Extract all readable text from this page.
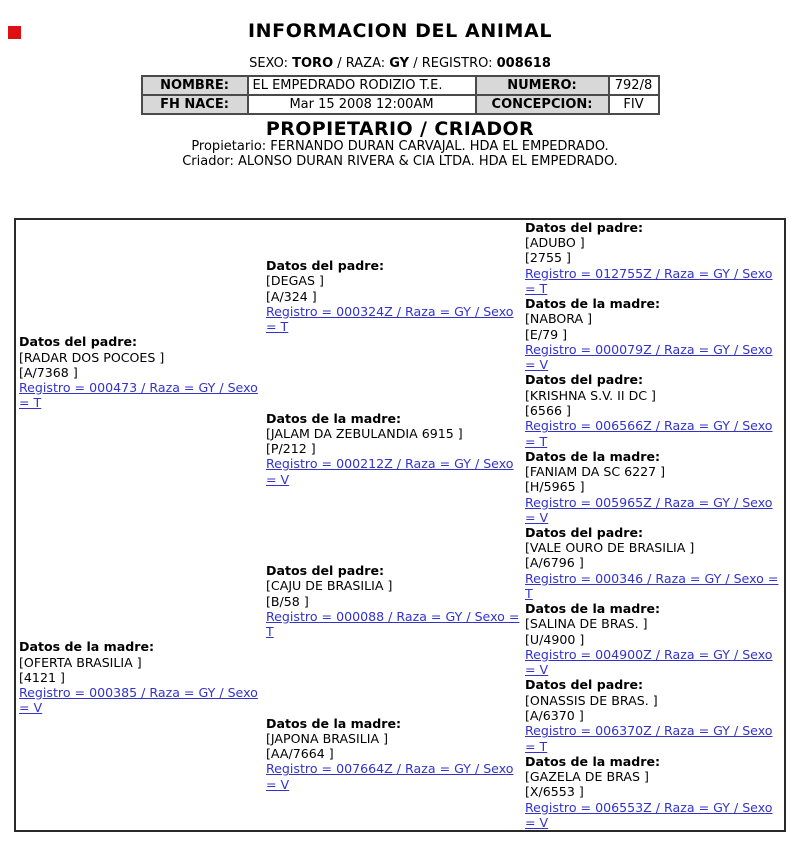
INFORMACION DEL ANIMAL
SEXO: TORO / RAZA: GY / REGISTRO: 008618
NOMBRE:	EL EMPEDRADO RODIZIO T.E.	NUMERO:	792/8
FH NACE:	Mar 15 2008 12:00AM	CONCEPCION:	FIV
PROPIETARIO / CRIADOR
Propietario: FERNANDO DURAN CARVAJAL. HDA EL EMPEDRADO.
Criador: ALONSO DURAN RIVERA & CIA LTDA. HDA EL EMPEDRADO.
Datos del padre:
[RADAR DOS POCOES ]
[A/7368 ]
Registro = 000473 / Raza = GY / Sexo = T
Datos de la madre:
[OFERTA BRASILIA ]
[4121 ]
Registro = 000385 / Raza = GY / Sexo = V
Datos del padre:
[DEGAS ]
[A/324 ]
Registro = 000324Z / Raza = GY / Sexo = T
Datos de la madre:
[JALAM DA ZEBULANDIA 6915 ]
[P/212 ]
Registro = 000212Z / Raza = GY / Sexo = V
Datos del padre:
[CAJU DE BRASILIA ]
[B/58 ]
Registro = 000088 / Raza = GY / Sexo = T
Datos de la madre:
[JAPONA BRASILIA ]
[AA/7664 ]
Registro = 007664Z / Raza = GY / Sexo = V
Datos del padre:
[ADUBO ]
[2755 ]
Registro = 012755Z / Raza = GY / Sexo = T
Datos de la madre:
[NABORA ]
[E/79 ]
Registro = 000079Z / Raza = GY / Sexo = V
Datos del padre:
[KRISHNA S.V. II DC ]
[6566 ]
Registro = 006566Z / Raza = GY / Sexo = T
Datos de la madre:
[FANIAM DA SC 6227 ]
[H/5965 ]
Registro = 005965Z / Raza = GY / Sexo = V
Datos del padre:
[VALE OURO DE BRASILIA ]
[A/6796 ]
Registro = 000346 / Raza = GY / Sexo = T
Datos de la madre:
[SALINA DE BRAS. ]
[U/4900 ]
Registro = 004900Z / Raza = GY / Sexo = V
Datos del padre:
[ONASSIS DE BRAS. ]
[A/6370 ]
Registro = 006370Z / Raza = GY / Sexo = T
Datos de la madre:
[GAZELA DE BRAS ]
[X/6553 ]
Registro = 006553Z / Raza = GY / Sexo = V
